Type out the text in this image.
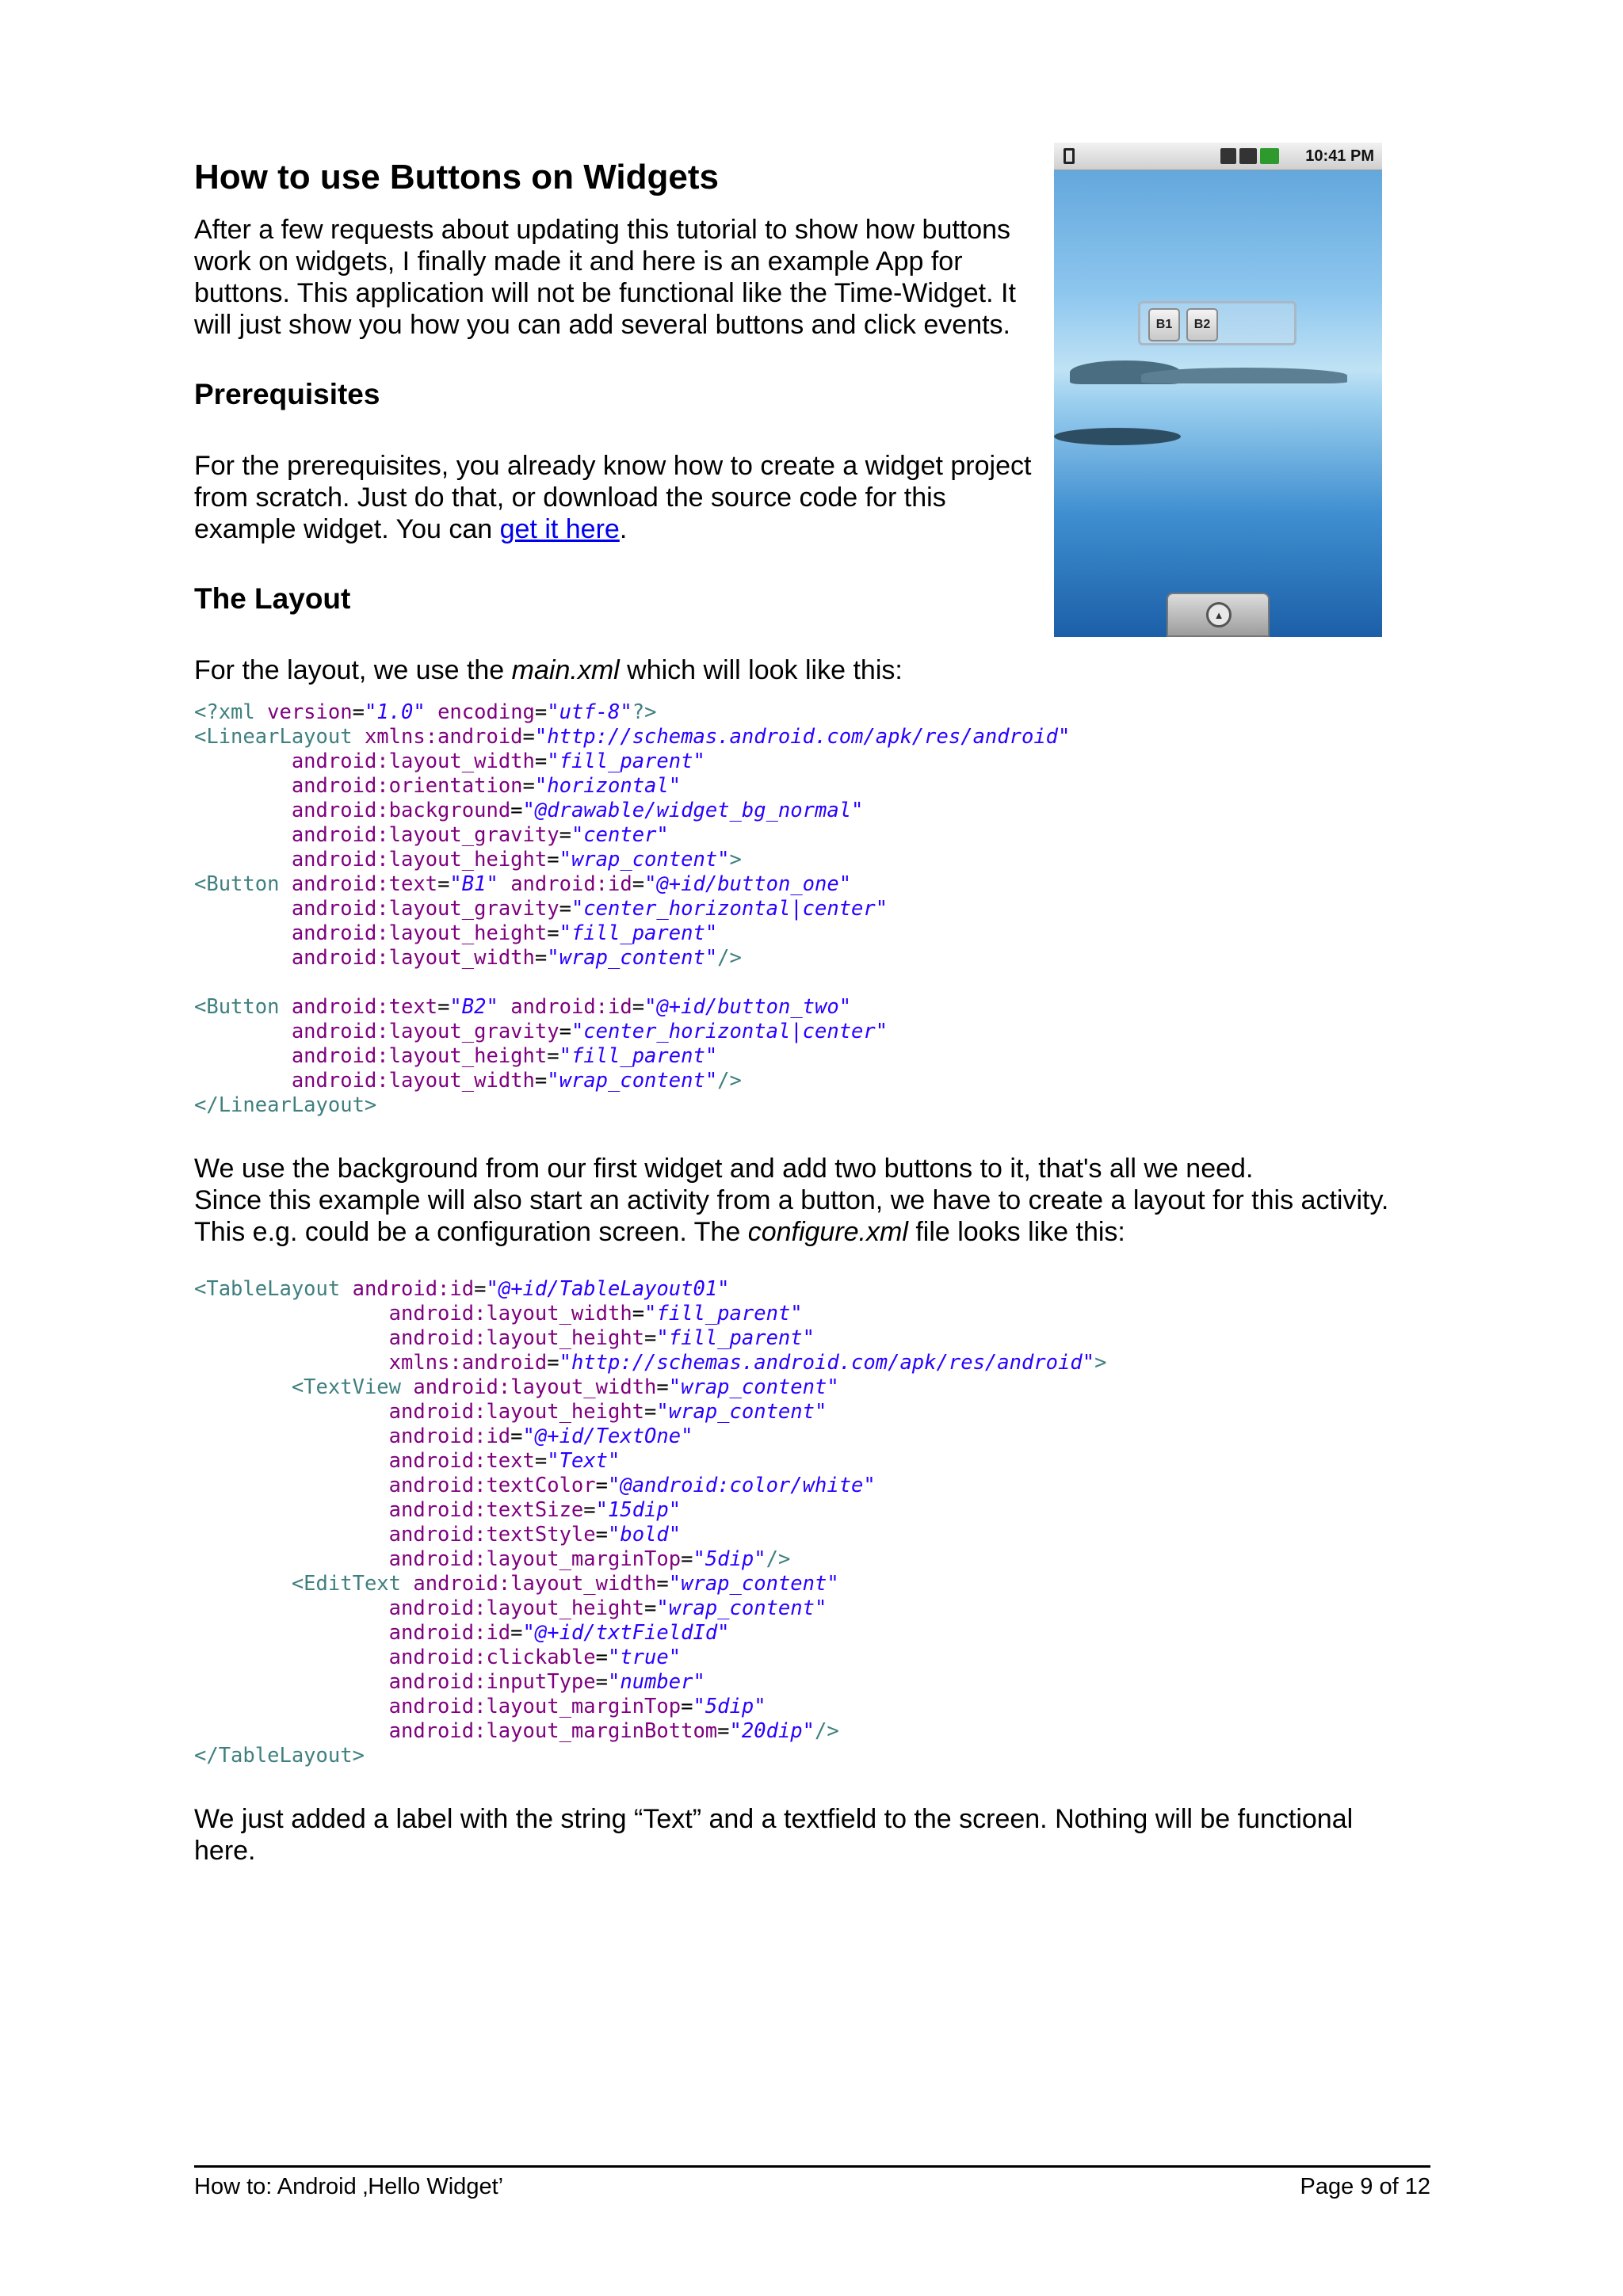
How to use Buttons on Widgets

After a few requests about updating this tutorial to show how buttons
work on widgets, I finally made it and here is an example App for
buttons. This application will not be functional like the Time-Widget. It
will just show you how you can add several buttons and click events.

Prerequisites

For the prerequisites, you already know how to create a widget project
from scratch. Just do that, or download the source code for this
example widget. You can get it here.

The Layout

For the layout, we use the main.xml which will look like this:

<?xml version="1.0" encoding="utf-8"?>
<LinearLayout xmlns:android="http://schemas.android.com/apk/res/android"
android:layout_width="fill_parent"
android:orientation="horizontal"
android:background="@drawable/widget_bg_normal"
android:layout_gravity="center"
android:layout_height="wrap_content">
<Button android:text="B1" android:id="@+id/button_one"
android:layout_gravity="center_horizontal|center"
android:layout_height="fill_parent"
android:layout_width="wrap_content"/>

<Button android:text="B2" android:id="@+id/button_two"
android:layout_gravity="center_horizontal|center"
android:layout_height="fill_parent"
android:layout_width="wrap_content"/>
</LinearLayout>

We use the background from our first widget and add two buttons to it, that's all we need.
Since this example will also start an activity from a button, we have to create a layout for this activity.
This e.g. could be a configuration screen. The configure.xml file looks like this:

<TableLayout android:id="@+id/TableLayout01"
android:layout_width="fill_parent"
android:layout_height="fill_parent"
xmlns:android="http://schemas.android.com/apk/res/android">
<TextView android:layout_width="wrap_content"
android:layout_height="wrap_content"
android:id="@+id/TextOne"
android:text="Text"
android:textColor="@android:color/white"
android:textSize="15dip"
android:textStyle="bold"
android:layout_marginTop="5dip"/>
<EditText android:layout_width="wrap_content"
android:layout_height="wrap_content"
android:id="@+id/txtFieldId"
android:clickable="true"
android:inputType="number"
android:layout_marginTop="5dip"
android:layout_marginBottom="20dip"/>
</TableLayout>

We just added a label with the string “Text” and a textfield to the screen. Nothing will be functional
here.

10:41 PM
B1	B2
▲
How to: Android ‚Hello Widget’	Page 9 of 12
